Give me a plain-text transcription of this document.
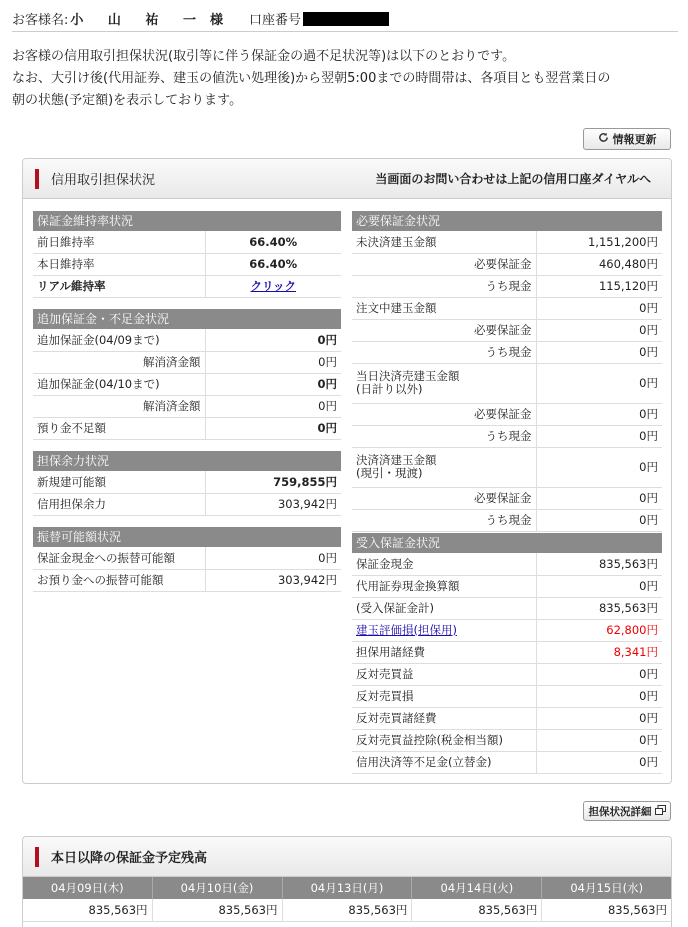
お客様名: 小 山 祐 一 様 口座番号
お客様の信用取引担保状況(取引等に伴う保証金の過不足状況等)は以下のとおりです。
なお、大引け後(代用証券、建玉の値洗い処理後)から翌朝5:00までの時間帯は、各項目とも翌営業日の
朝の状態(予定額)を表示しております。
情報更新
信用取引担保状況	当画面のお問い合わせは上記の信用口座ダイヤルへ
保証金維持率状況
前日維持率	66.40%
本日維持率	66.40%
リアル維持率	クリック
追加保証金・不足金状況
追加保証金(04/09まで)	0円
解消済金額	0円
追加保証金(04/10まで)	0円
解消済金額	0円
預り金不足額	0円
担保余力状況
新規建可能額	759,855円
信用担保余力	303,942円
振替可能額状況
保証金現金への振替可能額	0円
お預り金への振替可能額	303,942円
必要保証金状況
未決済建玉金額	1,151,200円
必要保証金	460,480円
うち現金	115,120円
注文中建玉金額	0円
必要保証金	0円
うち現金	0円

当日決済売建玉金額
(日計り以外)	0円
必要保証金	0円
うち現金	0円

決済済建玉金額
(現引・現渡)	0円
必要保証金	0円
うち現金	0円
受入保証金状況
保証金現金	835,563円
代用証券現金換算額	0円
(受入保証金計)	835,563円
建玉評価損(担保用)	62,800円
担保用諸経費	8,341円
反対売買益	0円
反対売買損	0円
反対売買諸経費	0円
反対売買益控除(税金相当額)	0円
信用決済等不足金(立替金)	0円
担保状況詳細
本日以降の保証金予定残高
04月09日(木)	04月10日(金)	04月13日(月)	04月14日(火)	04月15日(水)
835,563円	835,563円	835,563円	835,563円	835,563円
